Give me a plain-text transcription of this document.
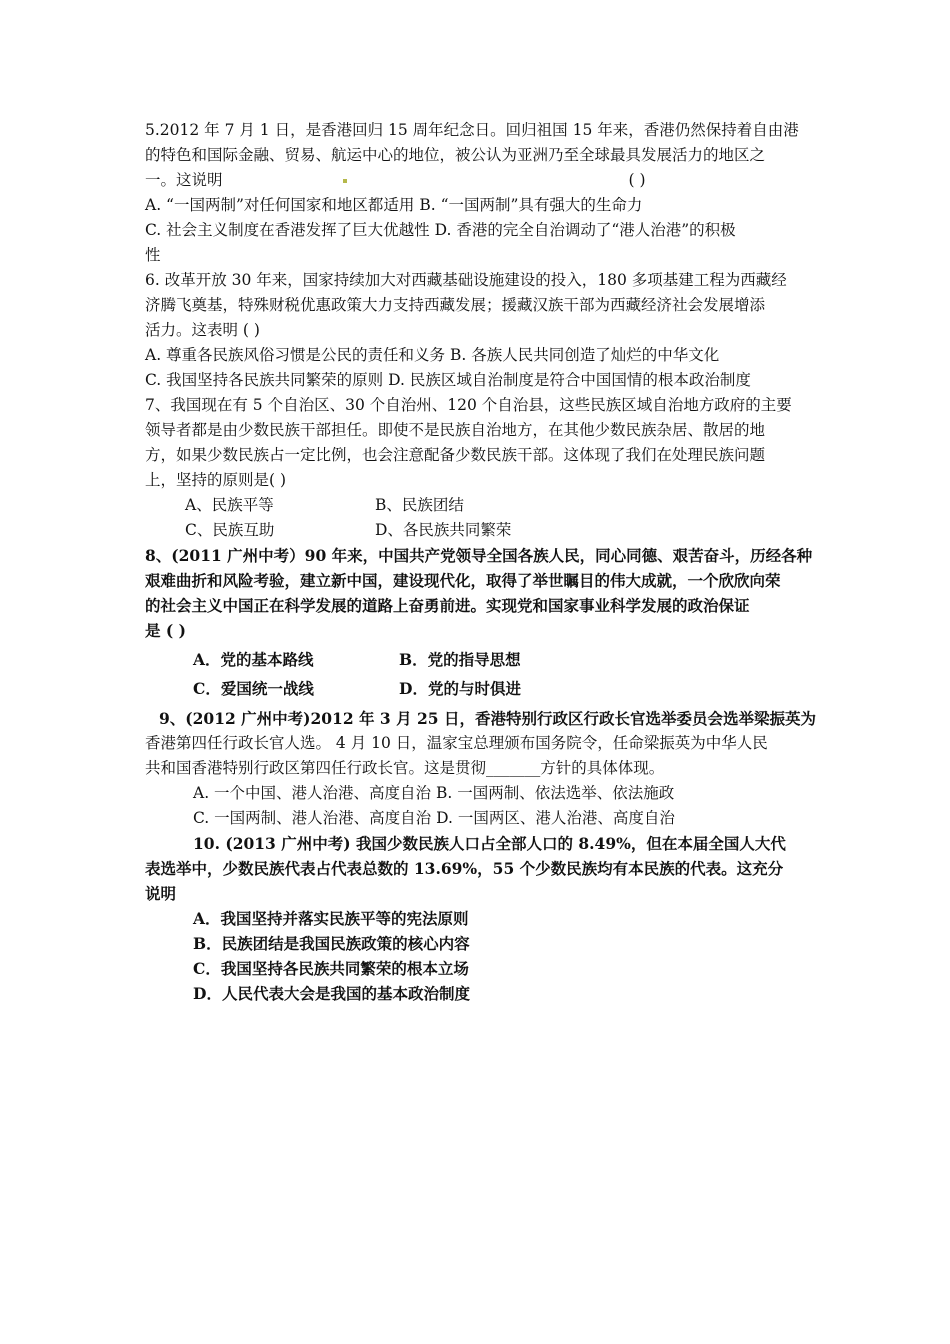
5.2012 年 7 月 1 日，是香港回归 15 周年纪念日。回归祖国 15 年来，香港仍然保持着自由港
的特色和国际金融、贸易、航运中心的地位，被公认为亚洲乃至全球最具发展活力的地区之
一。这说明	( )
A. “一国两制”对任何国家和地区都适用 B. “一国两制”具有强大的生命力
C. 社会主义制度在香港发挥了巨大优越性 D. 香港的完全自治调动了“港人治港”的积极
性
6. 改革开放 30 年来，国家持续加大对西藏基础设施建设的投入，180 多项基建工程为西藏经
济腾飞奠基，特殊财税优惠政策大力支持西藏发展；援藏汉族干部为西藏经济社会发展增添
活力。这表明 ( )
A. 尊重各民族风俗习惯是公民的责任和义务 B. 各族人民共同创造了灿烂的中华文化
C. 我国坚持各民族共同繁荣的原则 D. 民族区域自治制度是符合中国国情的根本政治制度
7、我国现在有 5 个自治区、30 个自治州、120 个自治县，这些民族区域自治地方政府的主要
领导者都是由少数民族干部担任。即使不是民族自治地方，在其他少数民族杂居、散居的地
方，如果少数民族占一定比例，也会注意配备少数民族干部。这体现了我们在处理民族问题
上，坚持的原则是( )
A、民族平等	B、民族团结
C、民族互助	D、各民族共同繁荣
8、(2011 广州中考）90 年来，中国共产党领导全国各族人民，同心同德、艰苦奋斗，历经各种
艰难曲折和风险考验，建立新中国，建设现代化，取得了举世瞩目的伟大成就，一个欣欣向荣
的社会主义中国正在科学发展的道路上奋勇前进。实现党和国家事业科学发展的政治保证
是 ( )
A．党的基本路线	B．党的指导思想
C．爱国统一战线	D．党的与时俱进
9、(2012 广州中考)2012 年 3 月 25 日，香港特别行政区行政长官选举委员会选举梁振英为
香港第四任行政长官人选。 4 月 10 日，温家宝总理颁布国务院令，任命梁振英为中华人民
共和国香港特别行政区第四任行政长官。这是贯彻_______方针的具体体现。
A. 一个中国、港人治港、高度自治 B. 一国两制、依法选举、依法施政
C. 一国两制、港人治港、高度自治 D. 一国两区、港人治港、高度自治
10. (2013 广州中考) 我国少数民族人口占全部人口的 8.49%，但在本届全国人大代
表选举中，少数民族代表占代表总数的 13.69%，55 个少数民族均有本民族的代表。这充分
说明
A．我国坚持并落实民族平等的宪法原则
B．民族团结是我国民族政策的核心内容
C．我国坚持各民族共同繁荣的根本立场
D．人民代表大会是我国的基本政治制度
